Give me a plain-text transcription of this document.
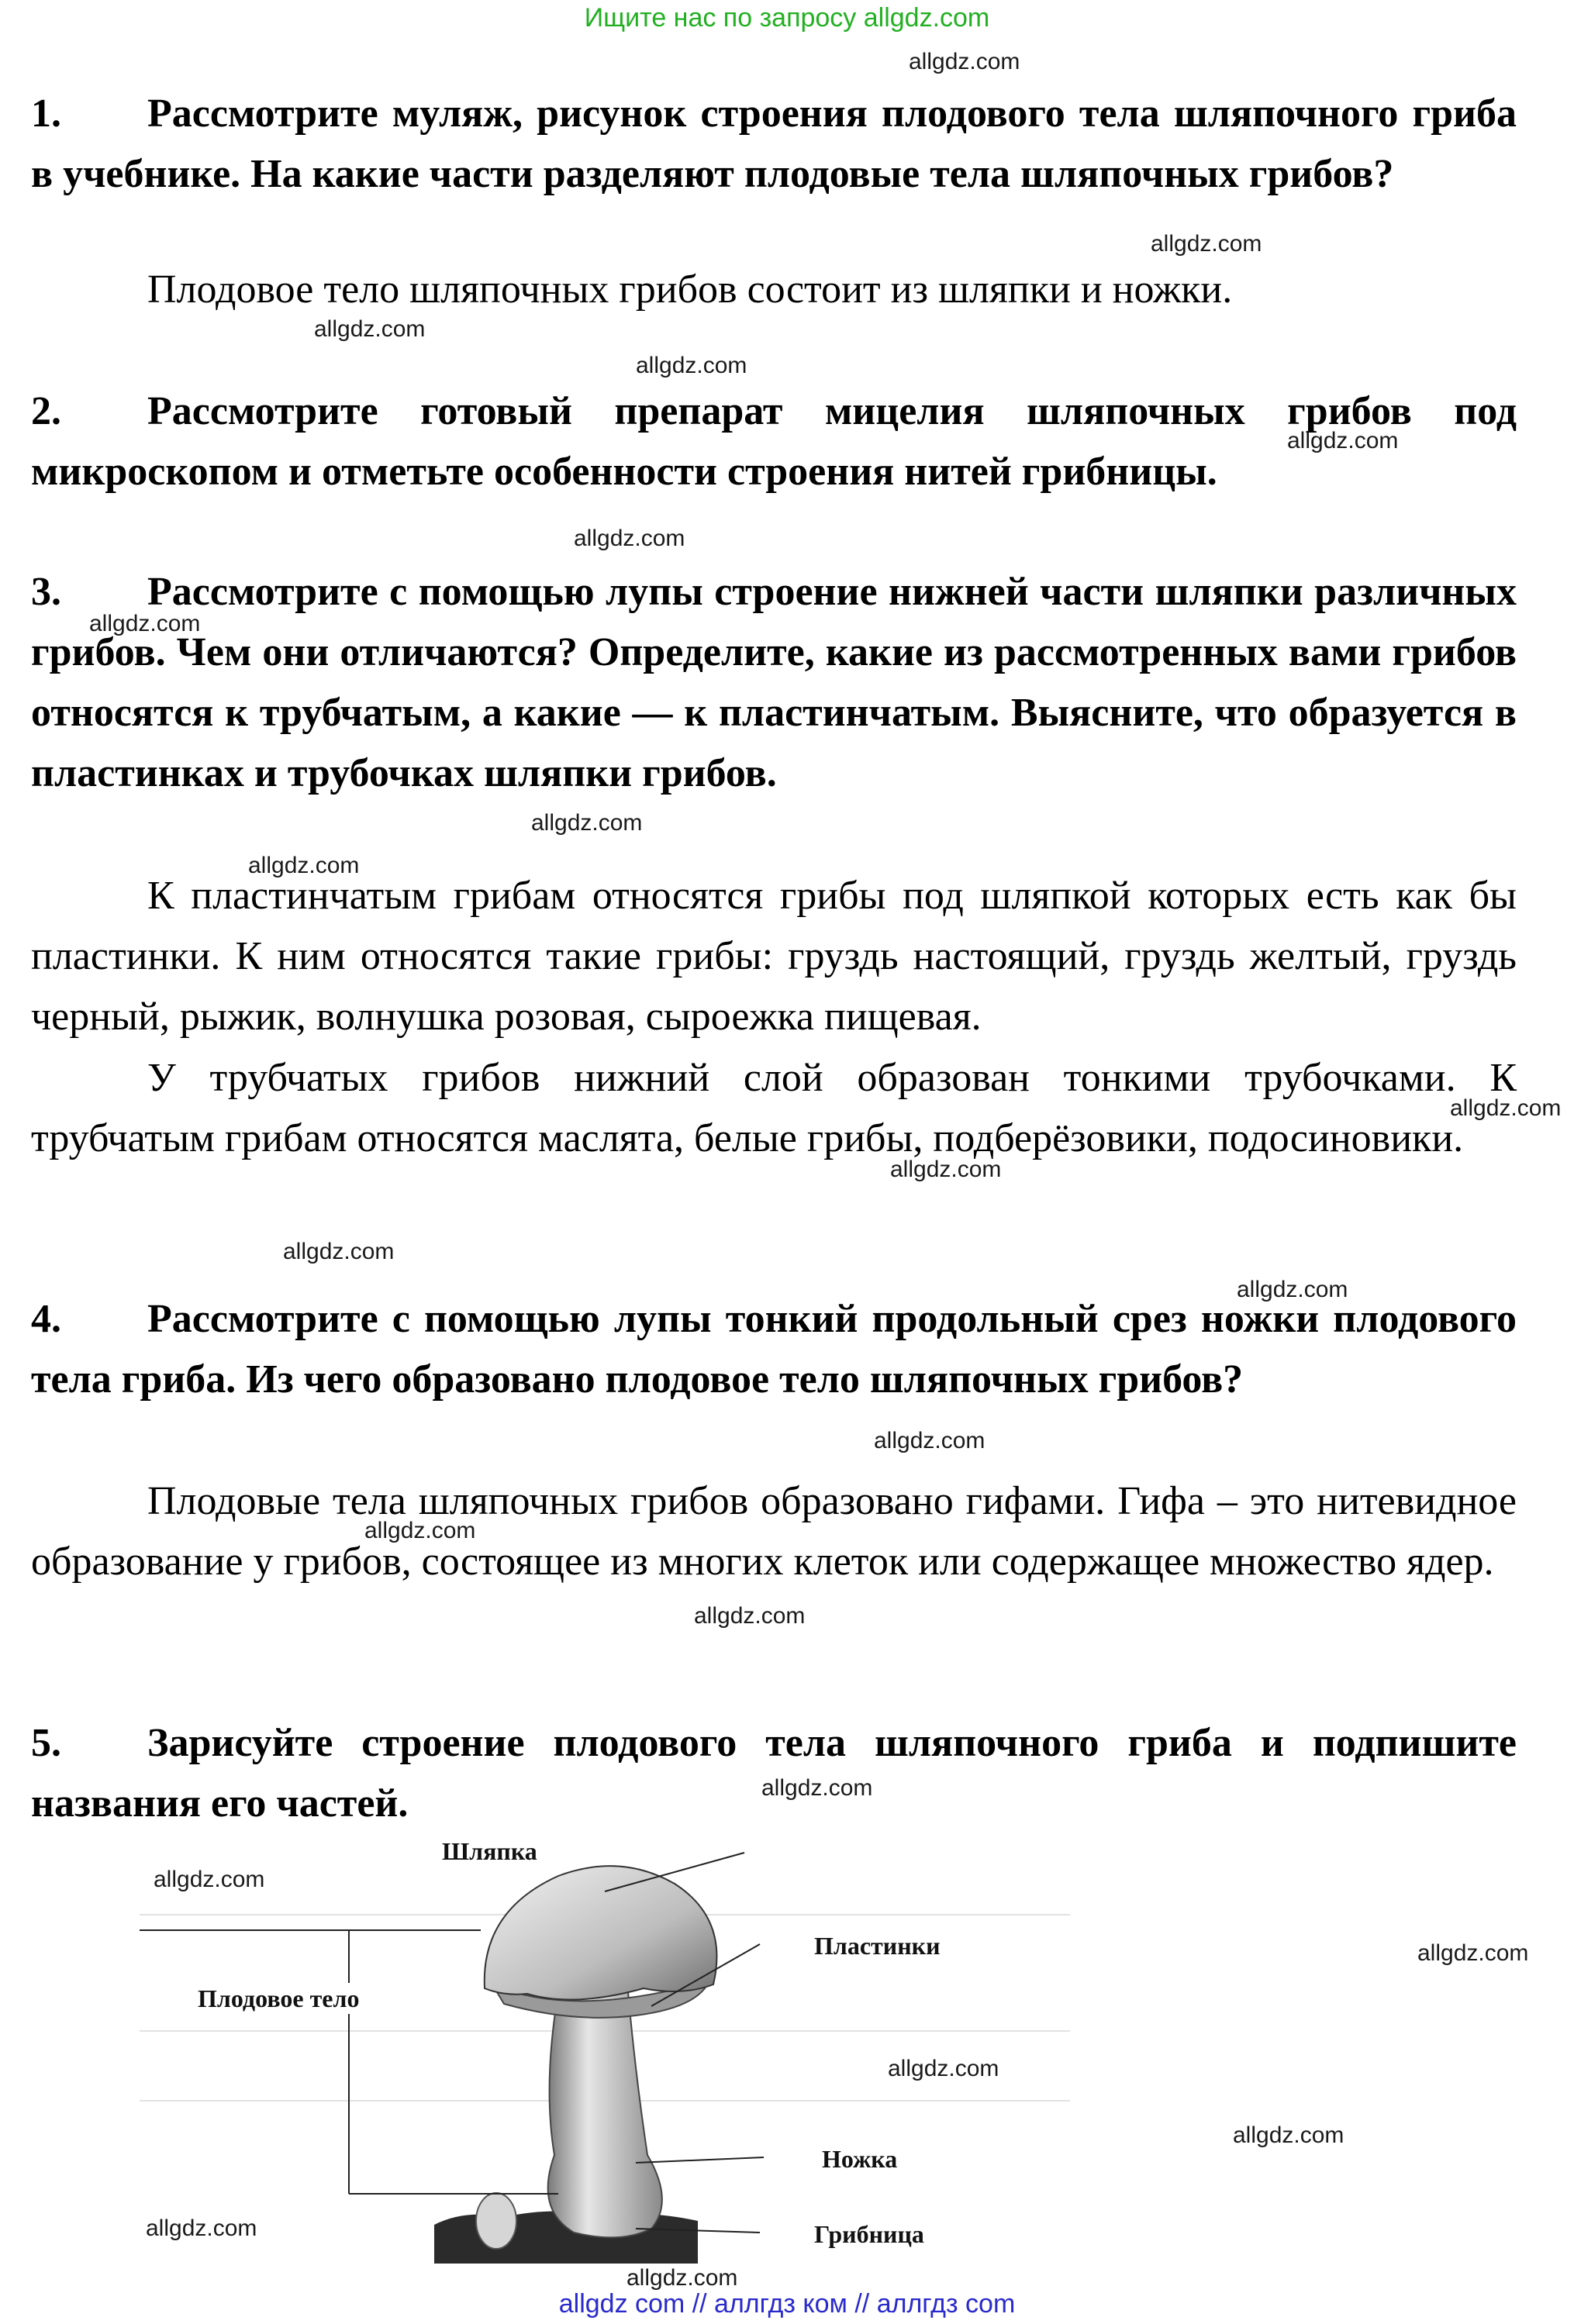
Ищите нас по запросу allgdz.com

1. Рассмотрите муляж, рисунок строения плодового тела шляпочного гриба в учебнике. На какие части разделяют плодовые тела шляпочных грибов?

Плодовое тело шляпочных грибов состоит из шляпки и ножки.

2. Рассмотрите готовый препарат мицелия шляпочных грибов под микроскопом и отметьте особенности строения нитей грибницы.

3. Рассмотрите с помощью лупы строение нижней части шляпки различных грибов. Чем они отличаются? Определите, какие из рассмотренных вами грибов относятся к трубчатым, а какие — к пластинчатым. Выясните, что образуется в пластинках и трубочках шляпки грибов.

К пластинчатым грибам относятся грибы под шляпкой которых есть как бы пластинки. К ним относятся такие грибы: груздь настоящий, груздь желтый, груздь черный, рыжик, волнушка розовая, сыроежка пищевая.

У трубчатых грибов нижний слой образован тонкими трубочками. К трубчатым грибам относятся маслята, белые грибы, подберёзовики, подосиновики.

4. Рассмотрите с помощью лупы тонкий продольный срез ножки плодового тела гриба. Из чего образовано плодовое тело шляпочных грибов?

Плодовые тела шляпочных грибов образовано гифами. Гифа – это нитевидное образование у грибов, состоящее из многих клеток или содержащее множество ядер.

5. Зарисуйте строение плодового тела шляпочного гриба и подпишите названия его частей.

Шляпка
Пластинки
Плодовое тело
Ножка
Грибница
allgdz.com
allgdz.com
allgdz.com
allgdz.com
allgdz.com
allgdz.com
allgdz.com
allgdz.com
allgdz.com
allgdz.com
allgdz.com
allgdz.com
allgdz.com
allgdz.com
allgdz.com
allgdz.com
allgdz.com
allgdz.com
allgdz.com
allgdz.com
allgdz.com
allgdz.com
allgdz.com
allgdz com // аллгдз ком // аллгдз com
